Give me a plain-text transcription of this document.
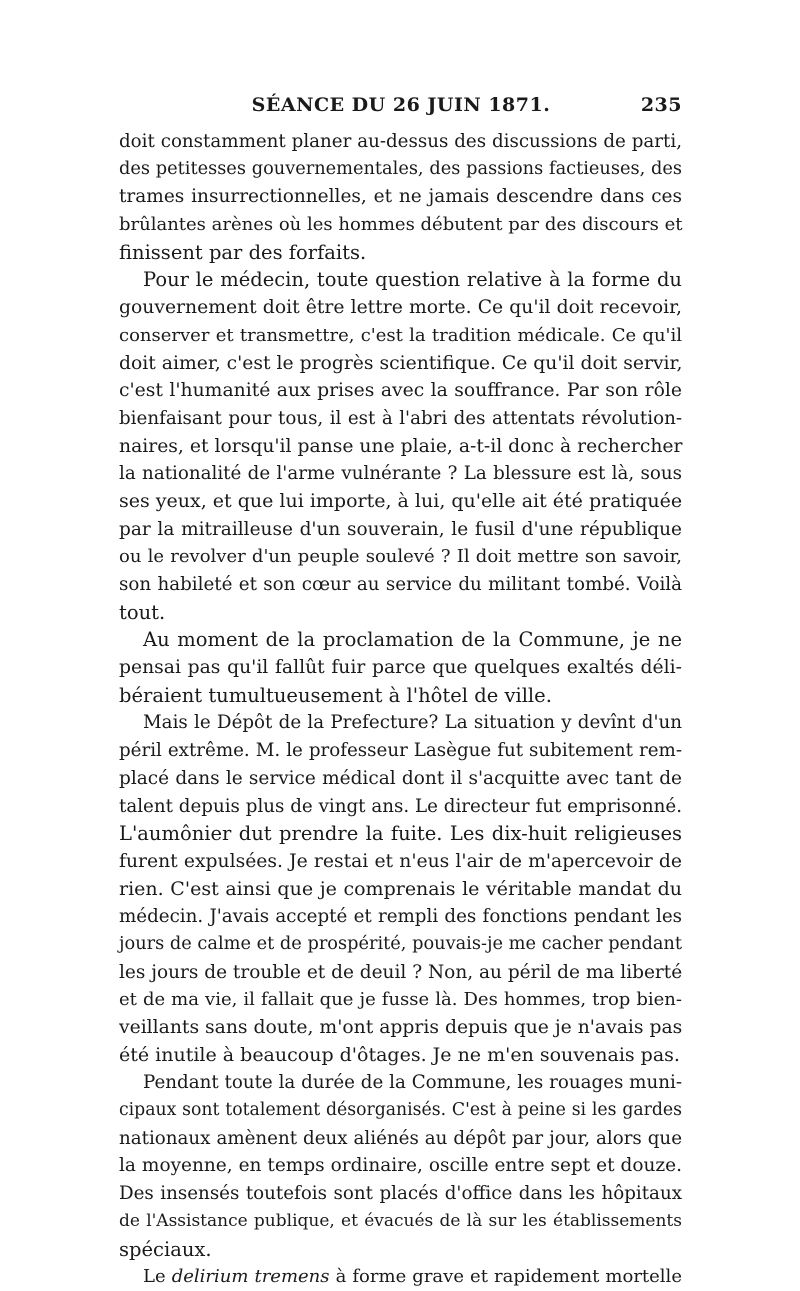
SÉANCE DU 26 JUIN 1871.	235
doit constamment planer au-dessus des discussions de parti,
des petitesses gouvernementales, des passions factieuses, des
trames insurrectionnelles, et ne jamais descendre dans ces
brûlantes arènes où les hommes débutent par des discours et
finissent par des forfaits.
Pour le médecin, toute question relative à la forme du
gouvernement doit être lettre morte. Ce qu'il doit recevoir,
conserver et transmettre, c'est la tradition médicale. Ce qu'il
doit aimer, c'est le progrès scientifique. Ce qu'il doit servir,
c'est l'humanité aux prises avec la souffrance. Par son rôle
bienfaisant pour tous, il est à l'abri des attentats révolution-
naires, et lorsqu'il panse une plaie, a-t-il donc à rechercher
la nationalité de l'arme vulnérante ? La blessure est là, sous
ses yeux, et que lui importe, à lui, qu'elle ait été pratiquée
par la mitrailleuse d'un souverain, le fusil d'une république
ou le revolver d'un peuple soulevé ? Il doit mettre son savoir,
son habileté et son cœur au service du militant tombé. Voilà
tout.
Au moment de la proclamation de la Commune, je ne
pensai pas qu'il fallût fuir parce que quelques exaltés déli-
béraient tumultueusement à l'hôtel de ville.
Mais le Dépôt de la Prefecture? La situation y devînt d'un
péril extrême. M. le professeur Lasègue fut subitement rem-
placé dans le service médical dont il s'acquitte avec tant de
talent depuis plus de vingt ans. Le directeur fut emprisonné.
L'aumônier dut prendre la fuite. Les dix-huit religieuses
furent expulsées. Je restai et n'eus l'air de m'apercevoir de
rien. C'est ainsi que je comprenais le véritable mandat du
médecin. J'avais accepté et rempli des fonctions pendant les
jours de calme et de prospérité, pouvais-je me cacher pendant
les jours de trouble et de deuil ? Non, au péril de ma liberté
et de ma vie, il fallait que je fusse là. Des hommes, trop bien-
veillants sans doute, m'ont appris depuis que je n'avais pas
été inutile à beaucoup d'ôtages. Je ne m'en souvenais pas.
Pendant toute la durée de la Commune, les rouages muni-
cipaux sont totalement désorganisés. C'est à peine si les gardes
nationaux amènent deux aliénés au dépôt par jour, alors que
la moyenne, en temps ordinaire, oscille entre sept et douze.
Des insensés toutefois sont placés d'office dans les hôpitaux
de l'Assistance publique, et évacués de là sur les établissements
spéciaux.
Le delirium tremens à forme grave et rapidement mortelle
